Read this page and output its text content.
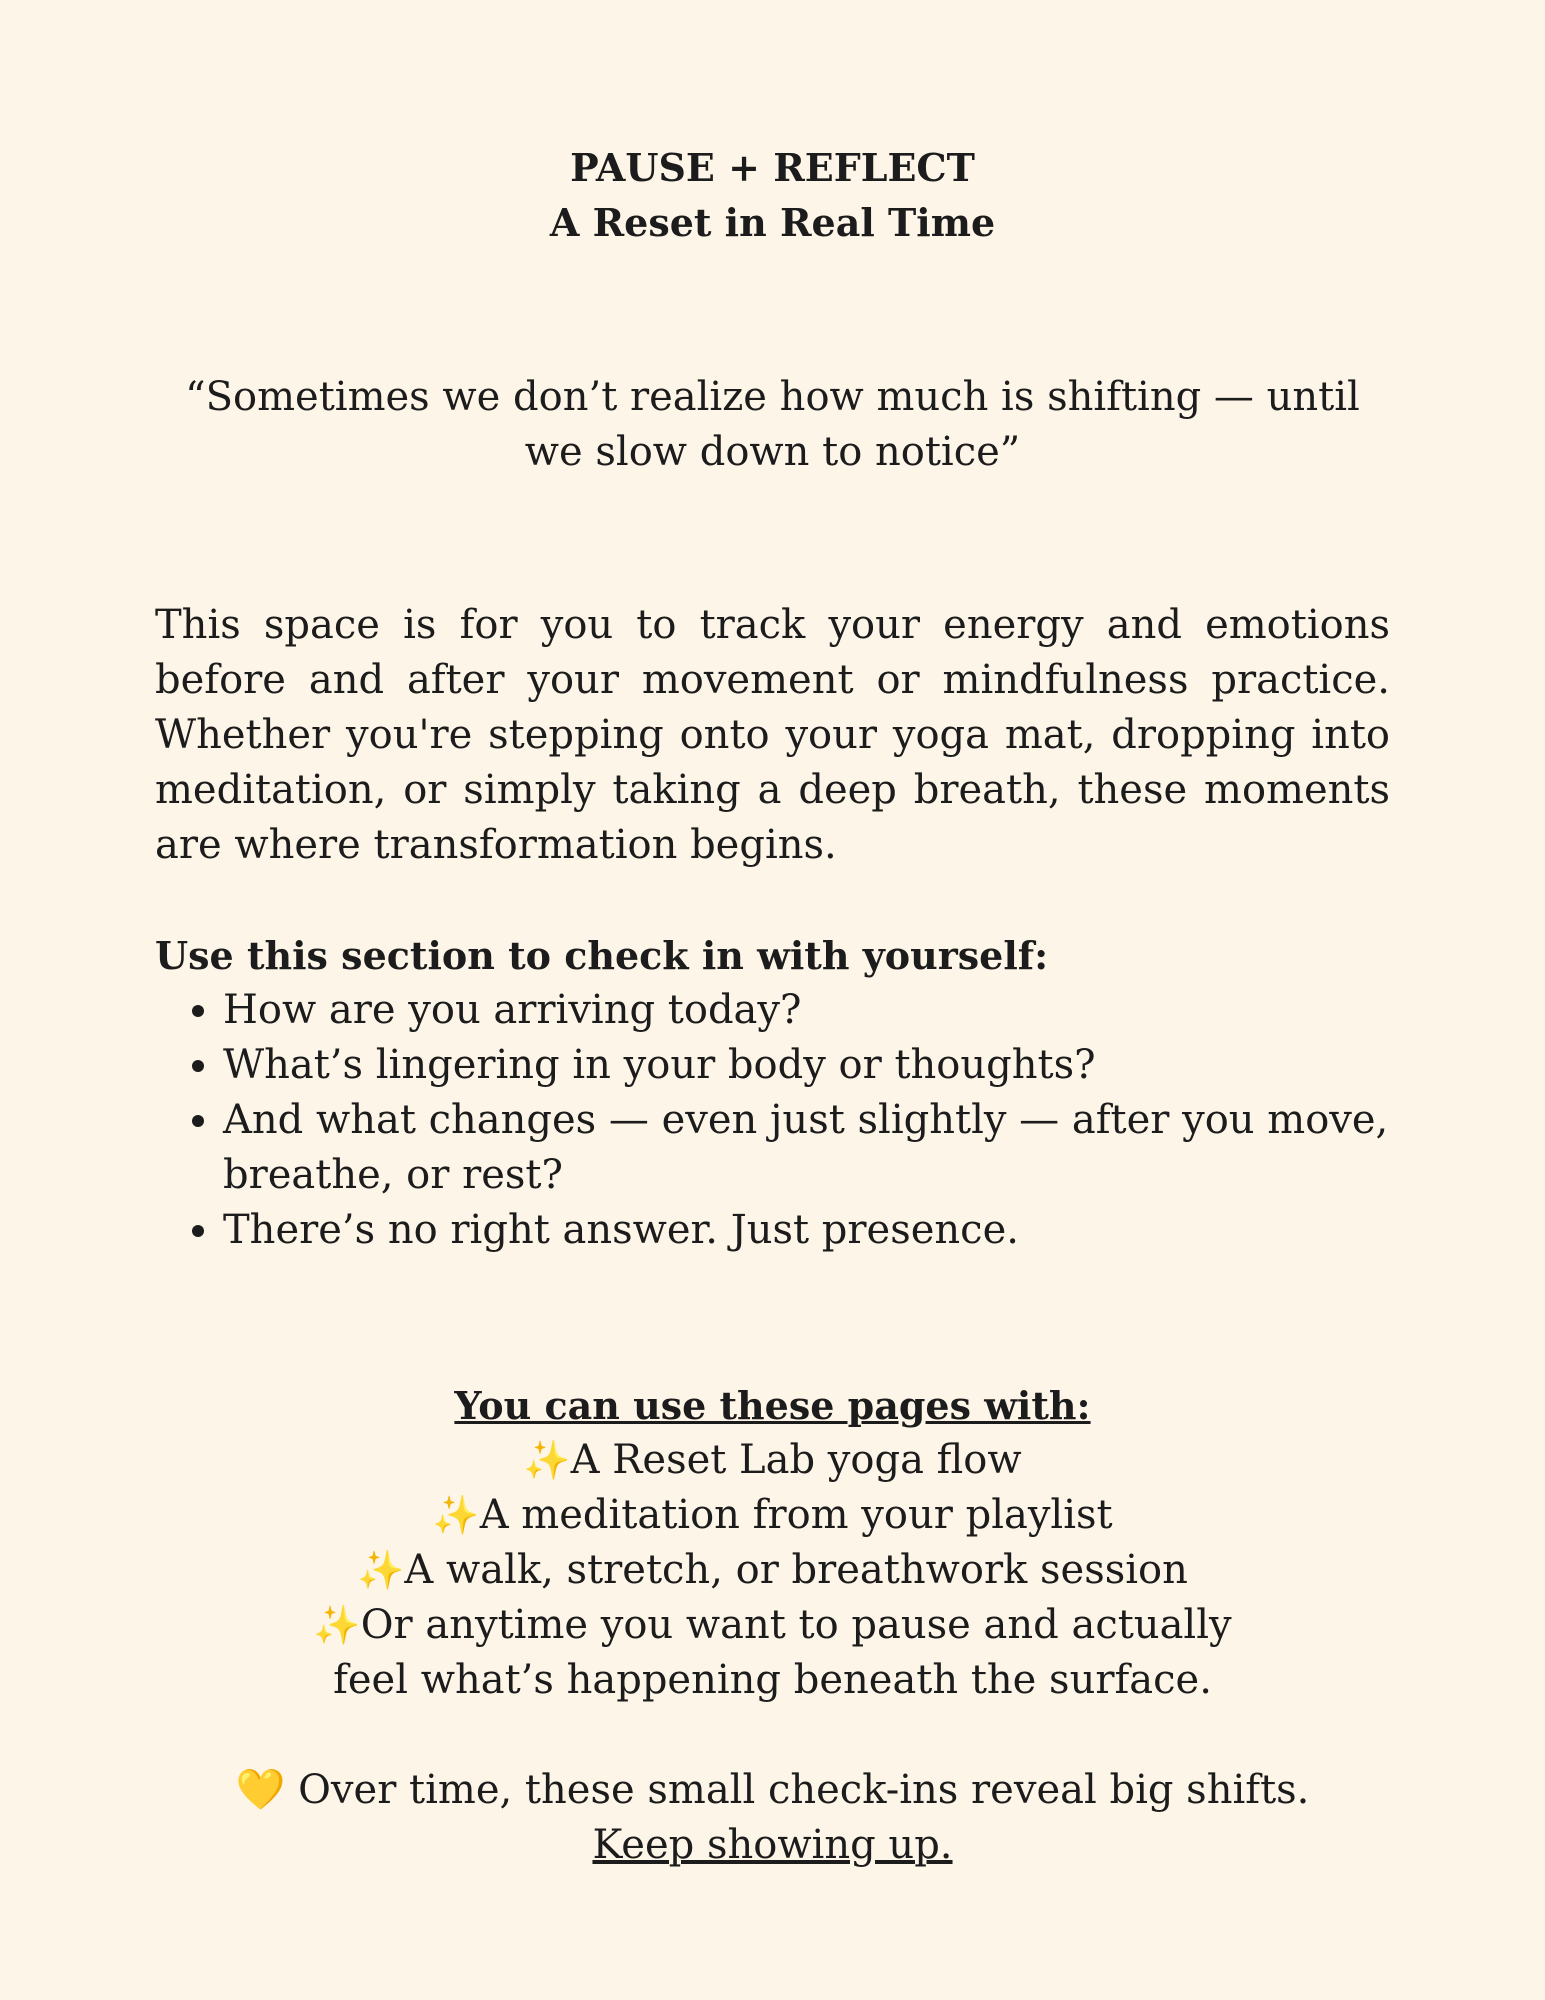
PAUSE + REFLECT
A Reset in Real Time
“Sometimes we don’t realize how much is shifting — until we slow down to notice”
This space is for you to track your energy and emotions before and after your movement or mindfulness practice. Whether you're stepping onto your yoga mat, dropping into meditation, or simply taking a deep breath, these moments are where transformation begins.
Use this section to check in with yourself:
• How are you arriving today?
• What’s lingering in your body or thoughts?
• And what changes — even just slightly — after you move, breathe, or rest?
• There’s no right answer. Just presence.
You can use these pages with:
✨A Reset Lab yoga flow
✨A meditation from your playlist
✨A walk, stretch, or breathwork session
✨Or anytime you want to pause and actually feel what’s happening beneath the surface.
💛 Over time, these small check-ins reveal big shifts. Keep showing up.
